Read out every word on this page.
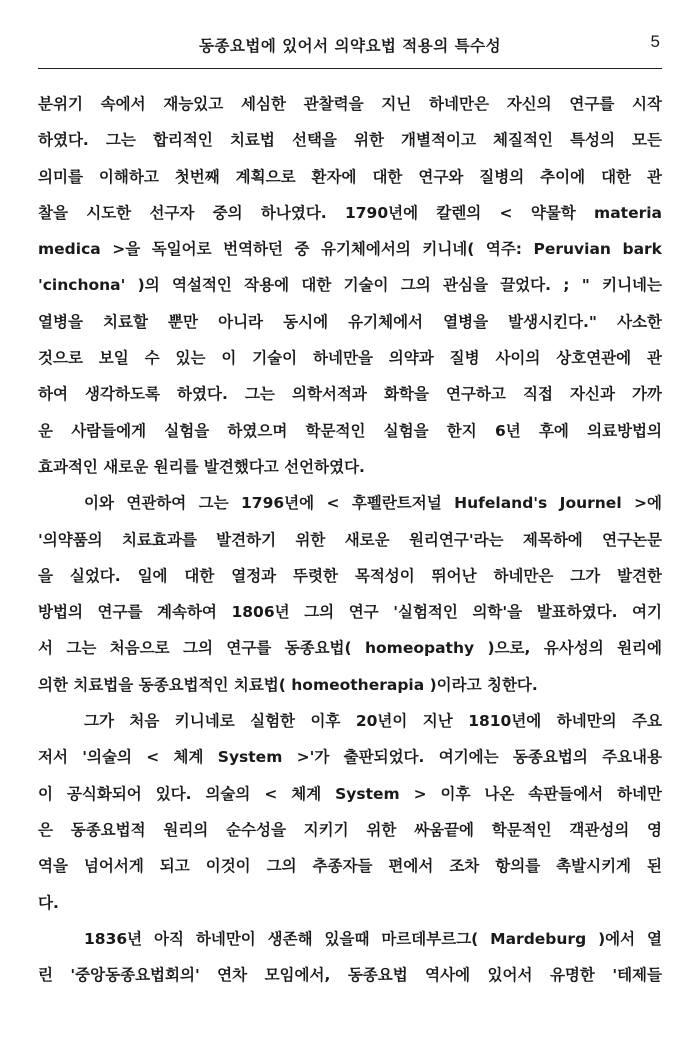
동종요법에 있어서 의약요법 적용의 특수성	5
분위기 속에서 재능있고 세심한 관찰력을 지닌 하네만은 자신의 연구를 시작
하였다. 그는 합리적인 치료법 선택을 위한 개별적이고 체질적인 특성의 모든
의미를 이해하고 첫번째 계획으로 환자에 대한 연구와 질병의 추이에 대한 관
찰을 시도한 선구자 중의 하나였다. 1790년에 칼렌의 < 약물학 materia
medica >을 독일어로 번역하던 중 유기체에서의 키니네( 역주: Peruvian bark
'cinchona' )의 역설적인 작용에 대한 기술이 그의 관심을 끌었다. ; " 키니네는
열병을 치료할 뿐만 아니라 동시에 유기체에서 열병을 발생시킨다." 사소한
것으로 보일 수 있는 이 기술이 하네만을 의약과 질병 사이의 상호연관에 관
하여 생각하도록 하였다. 그는 의학서적과 화학을 연구하고 직접 자신과 가까
운 사람들에게 실험을 하였으며 학문적인 실험을 한지 6년 후에 의료방법의
효과적인 새로운 원리를 발견했다고 선언하였다.
이와 연관하여 그는 1796년에 < 후펠란트저널 Hufeland's Journel >에
'의약품의 치료효과를 발견하기 위한 새로운 원리연구'라는 제목하에 연구논문
을 실었다. 일에 대한 열정과 뚜렷한 목적성이 뛰어난 하네만은 그가 발견한
방법의 연구를 계속하여 1806년 그의 연구 '실험적인 의학'을 발표하였다. 여기
서 그는 처음으로 그의 연구를 동종요법( homeopathy )으로, 유사성의 원리에
의한 치료법을 동종요법적인 치료법( homeotherapia )이라고 칭한다.
그가 처음 키니네로 실험한 이후 20년이 지난 1810년에 하네만의 주요
저서 '의술의 < 체계 System >'가 출판되었다. 여기에는 동종요법의 주요내용
이 공식화되어 있다. 의술의 < 체계 System > 이후 나온 속판들에서 하네만
은 동종요법적 원리의 순수성을 지키기 위한 싸움끝에 학문적인 객관성의 영
역을 넘어서게 되고 이것이 그의 추종자들 편에서 조차 항의를 촉발시키게 된
다.
1836년 아직 하네만이 생존해 있을때 마르데부르그( Mardeburg )에서 열
린 '중앙동종요법회의' 연차 모임에서, 동종요법 역사에 있어서 유명한 '테제들
